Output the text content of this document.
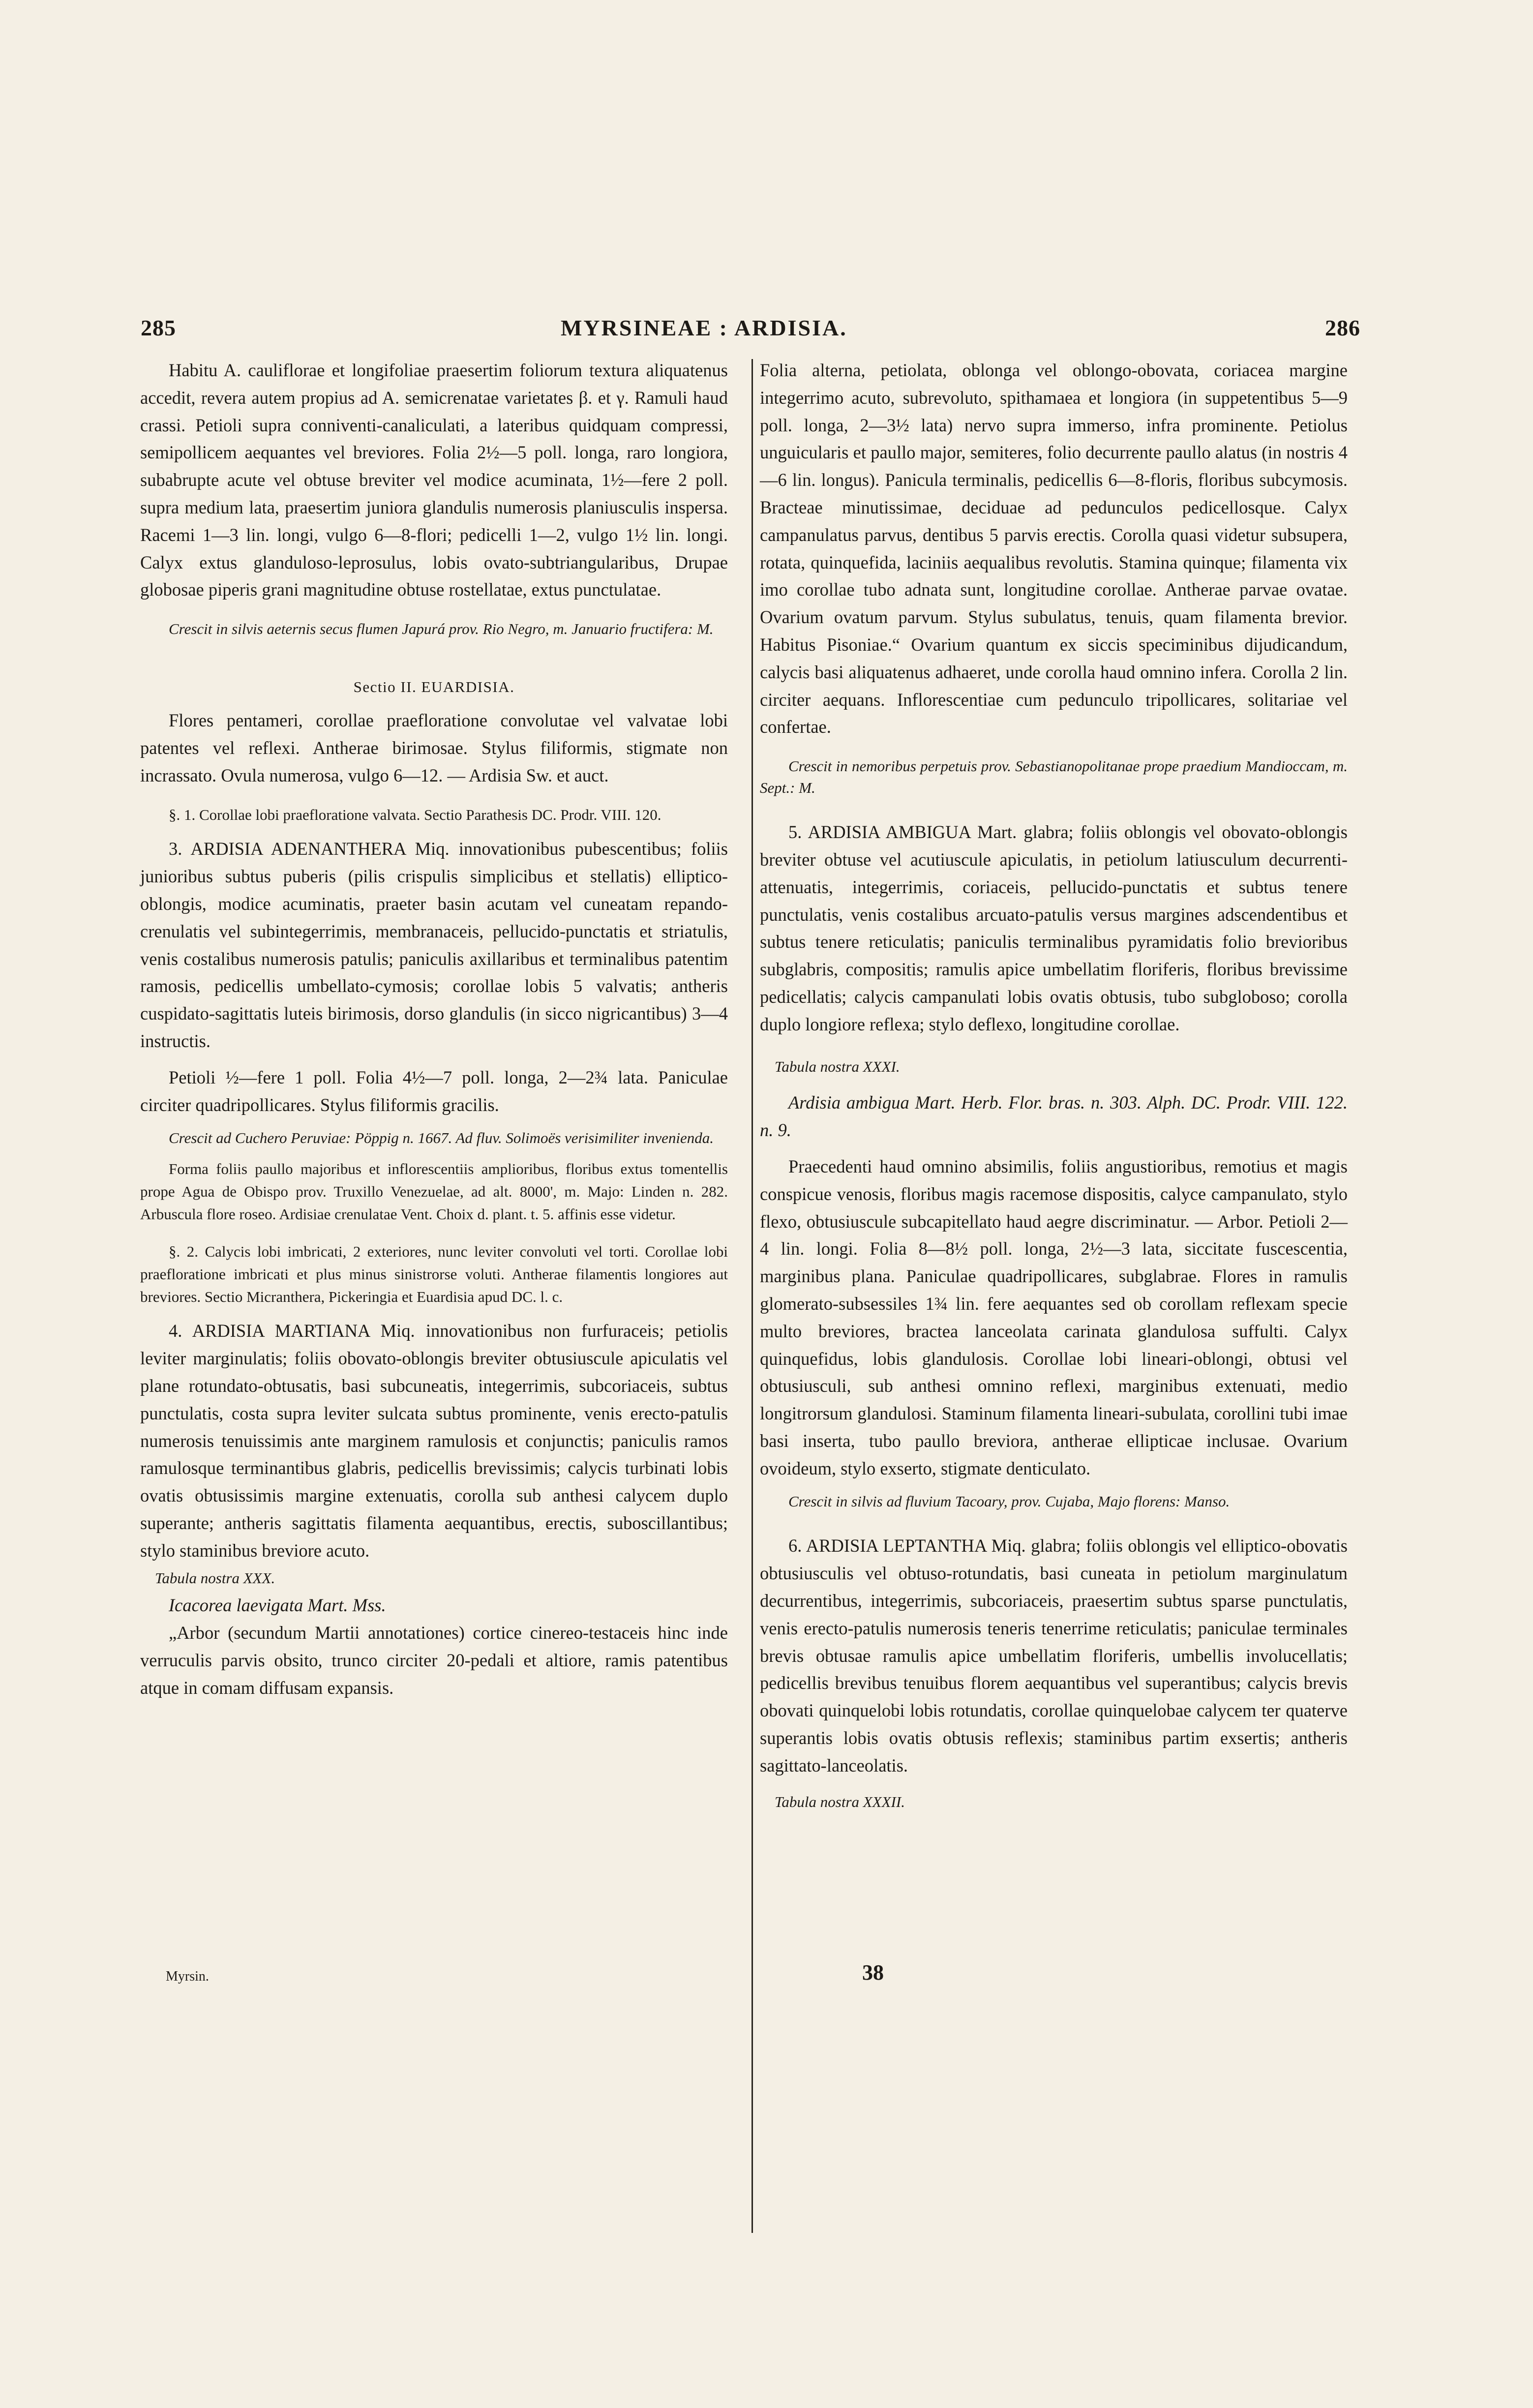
285	MYRSINEAE : ARDISIA.	286

Habitu A. cauliflorae et longifoliae praesertim foliorum textura aliquatenus accedit, revera autem propius ad A. semicrenatae varietates β. et γ. Ramuli haud crassi. Petioli supra conniventi-canaliculati, a lateribus quidquam compressi, semipollicem aequantes vel breviores. Folia 2½—5 poll. longa, raro longiora, subabrupte acute vel obtuse breviter vel modice acuminata, 1½—fere 2 poll. supra medium lata, praesertim juniora glandulis numerosis planiusculis inspersa. Racemi 1—3 lin. longi, vulgo 6—8-flori; pedicelli 1—2, vulgo 1½ lin. longi. Calyx extus glanduloso-leprosulus, lobis ovato-subtriangularibus, Drupae globosae piperis grani magnitudine obtuse rostellatae, extus punctulatae.

Crescit in silvis aeternis secus flumen Japurá prov. Rio Negro, m. Januario fructifera: M.

Sectio II. EUARDISIA.

Flores pentameri, corollae praefloratione convolutae vel valvatae lobi patentes vel reflexi. Antherae birimosae. Stylus filiformis, stigmate non incrassato. Ovula numerosa, vulgo 6—12. — Ardisia Sw. et auct.

§. 1. Corollae lobi praefloratione valvata. Sectio Parathesis DC. Prodr. VIII. 120.

3. ARDISIA ADENANTHERA Miq. innovationibus pubescentibus; foliis junioribus subtus puberis (pilis crispulis simplicibus et stellatis) elliptico-oblongis, modice acuminatis, praeter basin acutam vel cuneatam repando-crenulatis vel subintegerrimis, membranaceis, pellucido-punctatis et striatulis, venis costalibus numerosis patulis; paniculis axillaribus et terminalibus patentim ramosis, pedicellis umbellato-cymosis; corollae lobis 5 valvatis; antheris cuspidato-sagittatis luteis birimosis, dorso glandulis (in sicco nigricantibus) 3—4 instructis.

Petioli ½—fere 1 poll. Folia 4½—7 poll. longa, 2—2¾ lata. Paniculae circiter quadripollicares. Stylus filiformis gracilis.

Crescit ad Cuchero Peruviae: Pöppig n. 1667. Ad fluv. Solimoës verisimiliter invenienda.

Forma foliis paullo majoribus et inflorescentiis amplioribus, floribus extus tomentellis prope Agua de Obispo prov. Truxillo Venezuelae, ad alt. 8000', m. Majo: Linden n. 282. Arbuscula flore roseo. Ardisiae crenulatae Vent. Choix d. plant. t. 5. affinis esse videtur.

§. 2. Calycis lobi imbricati, 2 exteriores, nunc leviter convoluti vel torti. Corollae lobi praefloratione imbricati et plus minus sinistrorse voluti. Antherae filamentis longiores aut breviores. Sectio Micranthera, Pickeringia et Euardisia apud DC. l. c.

4. ARDISIA MARTIANA Miq. innovationibus non furfuraceis; petiolis leviter marginulatis; foliis obovato-oblongis breviter obtusiuscule apiculatis vel plane rotundato-obtusatis, basi subcuneatis, integerrimis, subcoriaceis, subtus punctulatis, costa supra leviter sulcata subtus prominente, venis erecto-patulis numerosis tenuissimis ante marginem ramulosis et conjunctis; paniculis ramos ramulosque terminantibus glabris, pedicellis brevissimis; calycis turbinati lobis ovatis obtusissimis margine extenuatis, corolla sub anthesi calycem duplo superante; antheris sagittatis filamenta aequantibus, erectis, suboscillantibus; stylo staminibus breviore acuto.

Tabula nostra XXX.

Icacorea laevigata Mart. Mss.

„Arbor (secundum Martii annotationes) cortice cinereo-testaceis hinc inde verruculis parvis obsito, trunco circiter 20-pedali et altiore, ramis patentibus atque in comam diffusam expansis.

Myrsin.

Folia alterna, petiolata, oblonga vel oblongo-obovata, coriacea margine integerrimo acuto, subrevoluto, spithamaea et longiora (in suppetentibus 5—9 poll. longa, 2—3½ lata) nervo supra immerso, infra prominente. Petiolus unguicularis et paullo major, semiteres, folio decurrente paullo alatus (in nostris 4—6 lin. longus). Panicula terminalis, pedicellis 6—8-floris, floribus subcymosis. Bracteae minutissimae, deciduae ad pedunculos pedicellosque. Calyx campanulatus parvus, dentibus 5 parvis erectis. Corolla quasi videtur subsupera, rotata, quinquefida, laciniis aequalibus revolutis. Stamina quinque; filamenta vix imo corollae tubo adnata sunt, longitudine corollae. Antherae parvae ovatae. Ovarium ovatum parvum. Stylus subulatus, tenuis, quam filamenta brevior. Habitus Pisoniae.“ Ovarium quantum ex siccis speciminibus dijudicandum, calycis basi aliquatenus adhaeret, unde corolla haud omnino infera. Corolla 2 lin. circiter aequans. Inflorescentiae cum pedunculo tripollicares, solitariae vel confertae.

Crescit in nemoribus perpetuis prov. Sebastianopolitanae prope praedium Mandioccam, m. Sept.: M.

5. ARDISIA AMBIGUA Mart. glabra; foliis oblongis vel obovato-oblongis breviter obtuse vel acutiuscule apiculatis, in petiolum latiusculum decurrenti-attenuatis, integerrimis, coriaceis, pellucido-punctatis et subtus tenere punctulatis, venis costalibus arcuato-patulis versus margines adscendentibus et subtus tenere reticulatis; paniculis terminalibus pyramidatis folio brevioribus subglabris, compositis; ramulis apice umbellatim floriferis, floribus brevissime pedicellatis; calycis campanulati lobis ovatis obtusis, tubo subgloboso; corolla duplo longiore reflexa; stylo deflexo, longitudine corollae.

Tabula nostra XXXI.

Ardisia ambigua Mart. Herb. Flor. bras. n. 303. Alph. DC. Prodr. VIII. 122. n. 9.

Praecedenti haud omnino absimilis, foliis angustioribus, remotius et magis conspicue venosis, floribus magis racemose dispositis, calyce campanulato, stylo flexo, obtusiuscule subcapitellato haud aegre discriminatur. — Arbor. Petioli 2—4 lin. longi. Folia 8—8½ poll. longa, 2½—3 lata, siccitate fuscescentia, marginibus plana. Paniculae quadripollicares, subglabrae. Flores in ramulis glomerato-subsessiles 1¾ lin. fere aequantes sed ob corollam reflexam specie multo breviores, bractea lanceolata carinata glandulosa suffulti. Calyx quinquefidus, lobis glandulosis. Corollae lobi lineari-oblongi, obtusi vel obtusiusculi, sub anthesi omnino reflexi, marginibus extenuati, medio longitrorsum glandulosi. Staminum filamenta lineari-subulata, corollini tubi imae basi inserta, tubo paullo breviora, antherae ellipticae inclusae. Ovarium ovoideum, stylo exserto, stigmate denticulato.

Crescit in silvis ad fluvium Tacoary, prov. Cujaba, Majo florens: Manso.

6. ARDISIA LEPTANTHA Miq. glabra; foliis oblongis vel elliptico-obovatis obtusiusculis vel obtuso-rotundatis, basi cuneata in petiolum marginulatum decurrentibus, integerrimis, subcoriaceis, praesertim subtus sparse punctulatis, venis erecto-patulis numerosis teneris tenerrime reticulatis; paniculae terminales brevis obtusae ramulis apice umbellatim floriferis, umbellis involucellatis; pedicellis brevibus tenuibus florem aequantibus vel superantibus; calycis brevis obovati quinquelobi lobis rotundatis, corollae quinquelobae calycem ter quaterve superantis lobis ovatis obtusis reflexis; staminibus partim exsertis; antheris sagittato-lanceolatis.

Tabula nostra XXXII.

38
